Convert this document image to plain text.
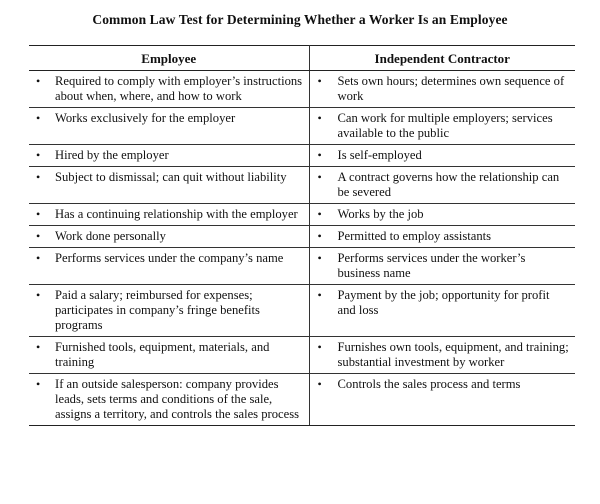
Common Law Test for Determining Whether a Worker Is an Employee
Employee	Independent Contractor

• Required to comply with employer’s instructions about when, where, and how to work	• Sets own hours; determines own sequence of work

• Works exclusively for the employer	• Can work for multiple employers; services available to the public

• Hired by the employer	• Is self-employed

• Subject to dismissal; can quit without liability	• A contract governs how the relationship can be severed

• Has a continuing relationship with the employer	• Works by the job

• Work done personally	• Permitted to employ assistants

• Performs services under the company’s name	• Performs services under the worker’s business name

• Paid a salary; reimbursed for expenses; participates in company’s fringe benefits programs	• Payment by the job; opportunity for profit and loss

• Furnished tools, equipment, materials, and training	• Furnishes own tools, equipment, and training; substantial investment by worker

• If an outside salesperson: company provides leads, sets terms and conditions of the sale, assigns a territory, and controls the sales process	• Controls the sales process and terms
